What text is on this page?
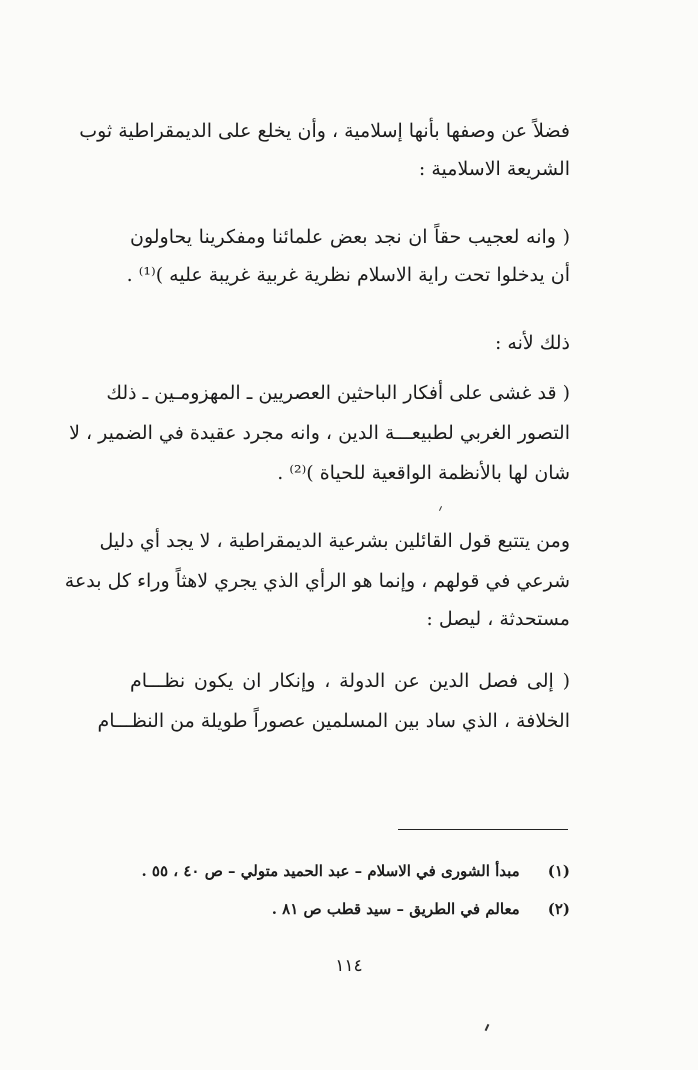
فضلاً عن وصفها بأنها إسلامية ، وأن يخلع على الديمقراطية ثوب
الشريعة الاسلامية :
( وانه لعجيب حقاً ان نجد بعض علمائنا ومفكرينا يحاولون
أن يدخلوا تحت راية الاسلام نظرية غربية غريبة عليه )⁽¹⁾ .
ذلك لأنه :
( قد غشى على أفكار الباحثين العصريين ـ المهزومـين ـ ذلك
التصور الغربي لطبيعـــة الدين ، وانه مجرد عقيدة في الضمير ، لا
شان لها بالأنظمة الواقعية للحياة )⁽²⁾ .
ومن يتتبع قول القائلين بشرعية الديمقراطية ، لا يجد أي دليل
شرعي في قولهم ، وإنما هو الرأي الذي يجري لاهثاً وراء كل بدعة
مستحدثة ، ليصل :
( إلى فصل الدين عن الدولة ، وإنكار ان يكون نظـــام
الخلافة ، الذي ساد بين المسلمين عصوراً طويلة من النظـــام
(١)مبدأ الشورى في الاسلام – عبد الحميد متولي – ص ٤٠ ، ٥٥ .
(٢)معالم في الطريق – سيد قطب ص ٨١ .
١١٤
